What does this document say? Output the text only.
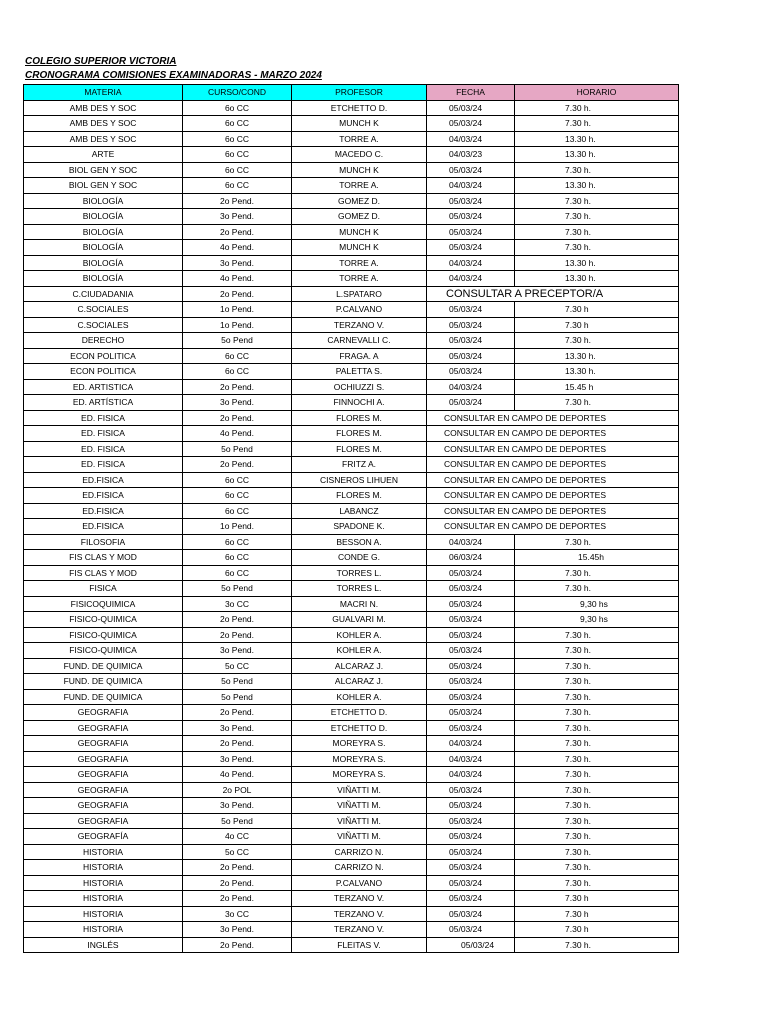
COLEGIO SUPERIOR VICTORIA
CRONOGRAMA COMISIONES EXAMINADORAS - MARZO 2024
MATERIA	CURSO/COND	PROFESOR	FECHA	HORARIO
AMB DES Y SOC	6o CC	ETCHETTO D.	05/03/24	7.30 h.
AMB DES Y SOC	6o CC	MUNCH K	05/03/24	7.30 h.
AMB DES Y SOC	6o CC	TORRE A.	04/03/24	13.30 h.
ARTE	6o CC	MACEDO C.	04/03/23	13.30 h.
BIOL GEN Y SOC	6o CC	MUNCH K	05/03/24	7.30 h.
BIOL GEN Y SOC	6o CC	TORRE A.	04/03/24	13.30 h.
BIOLOGÍA	2o Pend.	GOMEZ D.	05/03/24	7.30 h.
BIOLOGÍA	3o Pend.	GOMEZ D.	05/03/24	7.30 h.
BIOLOGÍA	2o Pend.	MUNCH K	05/03/24	7.30 h.
BIOLOGÍA	4o Pend.	MUNCH K	05/03/24	7.30 h.
BIOLOGÍA	3o Pend.	TORRE A.	04/03/24	13.30 h.
BIOLOGÍA	4o Pend.	TORRE A.	04/03/24	13.30 h.
C.CIUDADANIA	2o Pend.	L.SPATARO	CONSULTAR A PRECEPTOR/A	
C.SOCIALES	1o Pend.	P.CALVANO	05/03/24	7.30 h
C.SOCIALES	1o Pend.	TERZANO V.	05/03/24	7.30 h
DERECHO	5o Pend	CARNEVALLI C.	05/03/24	7.30 h.
ECON POLITICA	6o CC	FRAGA. A	05/03/24	13.30 h.
ECON POLITICA	6o CC	PALETTA S.	05/03/24	13.30 h.
ED. ARTISTICA	2o Pend.	OCHIUZZI S.	04/03/24	15.45 h
ED. ARTÍSTICA	3o Pend.	FINNOCHI A.	05/03/24	7.30 h.
ED. FISICA	2o Pend.	FLORES M.	CONSULTAR EN CAMPO DE DEPORTES	
ED. FISICA	4o Pend.	FLORES M.	CONSULTAR EN CAMPO DE DEPORTES	
ED. FISICA	5o Pend	FLORES M.	CONSULTAR EN CAMPO DE DEPORTES	
ED. FISICA	2o Pend.	FRITZ A.	CONSULTAR EN CAMPO DE DEPORTES	
ED.FISICA	6o CC	CISNEROS LIHUEN	CONSULTAR EN CAMPO DE DEPORTES	
ED.FISICA	6o CC	FLORES M.	CONSULTAR EN CAMPO DE DEPORTES	
ED.FISICA	6o CC	LABANCZ	CONSULTAR EN CAMPO DE DEPORTES	
ED.FISICA	1o Pend.	SPADONE K.	CONSULTAR EN CAMPO DE DEPORTES	
FILOSOFIA	6o CC	BESSON A.	04/03/24	7.30 h.
FIS CLAS Y MOD	6o CC	CONDE G.	06/03/24	15.45h
FIS CLAS Y MOD	6o CC	TORRES L.	05/03/24	7.30 h.
FISICA	5o Pend	TORRES L.	05/03/24	7.30 h.
FISICOQUIMICA	3o CC	MACRI N.	05/03/24	9,30 hs
FISICO-QUIMICA	2o Pend.	GUALVARI M.	05/03/24	9,30 hs
FISICO-QUIMICA	2o Pend.	KOHLER A.	05/03/24	7.30 h.
FISICO-QUIMICA	3o Pend.	KOHLER A.	05/03/24	7.30 h.
FUND. DE QUIMICA	5o CC	ALCARAZ J.	05/03/24	7.30 h.
FUND. DE QUIMICA	5o Pend	ALCARAZ J.	05/03/24	7.30 h.
FUND. DE QUIMICA	5o Pend	KOHLER A.	05/03/24	7.30 h.
GEOGRAFIA	2o Pend.	ETCHETTO D.	05/03/24	7.30 h.
GEOGRAFIA	3o Pend.	ETCHETTO D.	05/03/24	7.30 h.
GEOGRAFIA	2o Pend.	MOREYRA S.	04/03/24	7.30 h.
GEOGRAFIA	3o Pend.	MOREYRA S.	04/03/24	7.30 h.
GEOGRAFIA	4o Pend.	MOREYRA S.	04/03/24	7.30 h.
GEOGRAFIA	2o POL	VIÑATTI M.	05/03/24	7.30 h.
GEOGRAFIA	3o Pend.	VIÑATTI M.	05/03/24	7.30 h.
GEOGRAFIA	5o Pend	VIÑATTI M.	05/03/24	7.30 h.
GEOGRAFÍA	4o CC	VIÑATTI M.	05/03/24	7.30 h.
HISTORIA	5o CC	CARRIZO N.	05/03/24	7.30 h.
HISTORIA	2o Pend.	CARRIZO N.	05/03/24	7.30 h.
HISTORIA	2o Pend.	P.CALVANO	05/03/24	7.30 h.
HISTORIA	2o Pend.	TERZANO V.	05/03/24	7.30 h
HISTORIA	3o CC	TERZANO V.	05/03/24	7.30 h
HISTORIA	3o Pend.	TERZANO V.	05/03/24	7.30 h
INGLÉS	2o Pend.	FLEITAS V.	05/03/24	7.30 h.
